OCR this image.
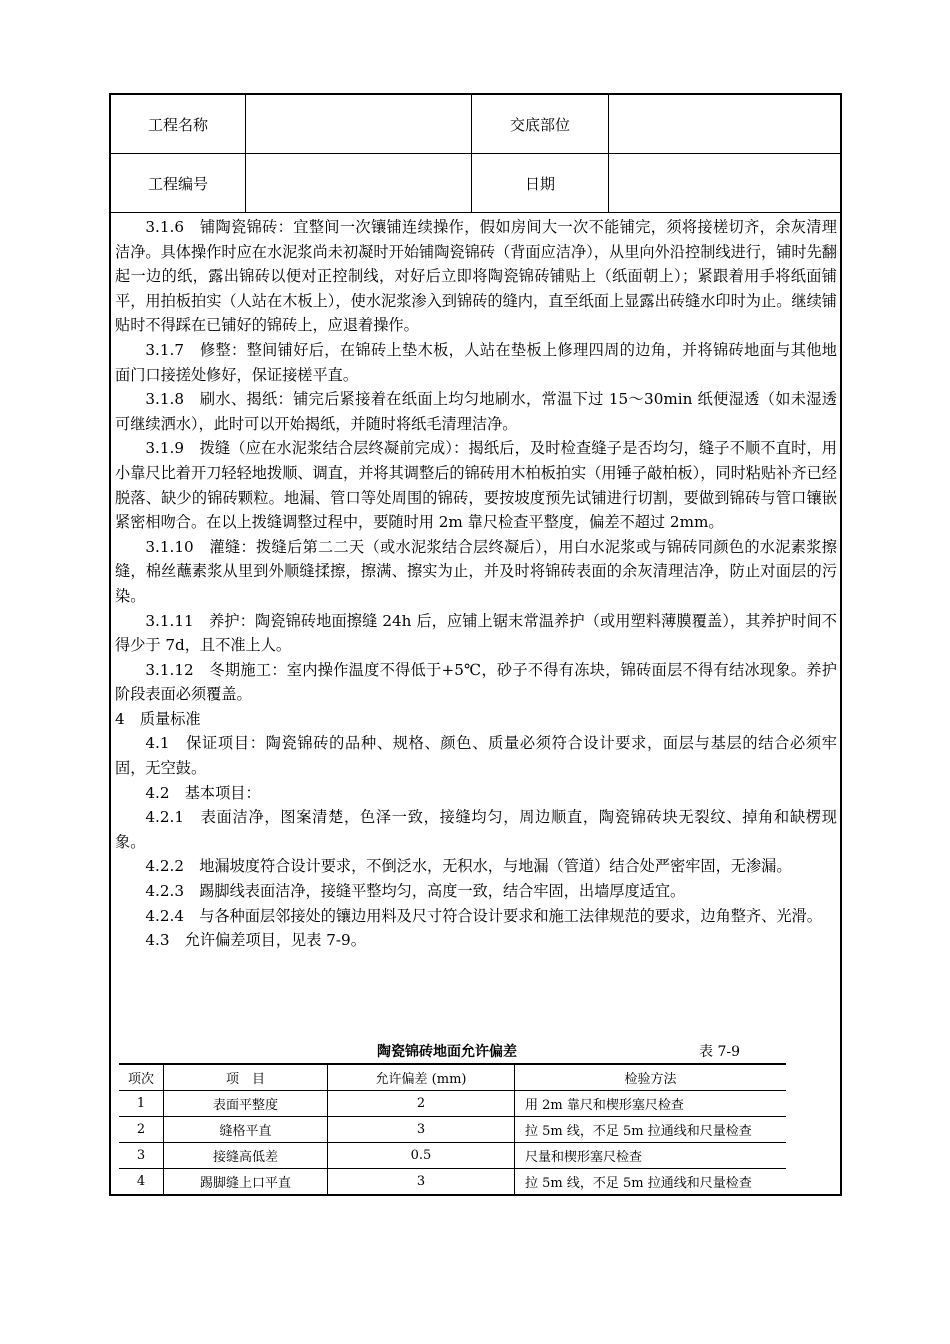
工程名称		交底部位	
工程编号		日期	

3.1.6　铺陶瓷锦砖：宜整间一次镶铺连续操作，假如房间大一次不能铺完，须将接槎切齐，余灰清理洁净。具体操作时应在水泥浆尚未初凝时开始铺陶瓷锦砖（背面应洁净），从里向外沿控制线进行，铺时先翻起一边的纸，露出锦砖以便对正控制线，对好后立即将陶瓷锦砖铺贴上（纸面朝上）；紧跟着用手将纸面铺平，用拍板拍实（人站在木板上），使水泥浆渗入到锦砖的缝内，直至纸面上显露出砖缝水印时为止。继续铺贴时不得踩在已铺好的锦砖上，应退着操作。

3.1.7　修整：整间铺好后，在锦砖上垫木板，人站在垫板上修理四周的边角，并将锦砖地面与其他地面门口接搓处修好，保证接槎平直。

3.1.8　刷水、揭纸：铺完后紧接着在纸面上均匀地刷水，常温下过 15～30min 纸便湿透（如未湿透可继续洒水），此时可以开始揭纸，并随时将纸毛清理洁净。

3.1.9　拨缝（应在水泥浆结合层终凝前完成）：揭纸后，及时检查缝子是否均匀，缝子不顺不直时，用小靠尺比着开刀轻轻地拨顺、调直，并将其调整后的锦砖用木柏板拍实（用锤子敲柏板），同时粘贴补齐已经脱落、缺少的锦砖颗粒。地漏、管口等处周围的锦砖，要按坡度预先试铺进行切割，要做到锦砖与管口镶嵌紧密相吻合。在以上拨缝调整过程中，要随时用 2m 靠尺检查平整度，偏差不超过 2mm。

3.1.10　灌缝：拨缝后第二二天（或水泥浆结合层终凝后），用白水泥浆或与锦砖同颜色的水泥素浆擦缝，棉丝蘸素浆从里到外顺缝揉擦，擦满、擦实为止，并及时将锦砖表面的余灰清理洁净，防止对面层的污染。

3.1.11　养护：陶瓷锦砖地面擦缝 24h 后，应铺上锯末常温养护（或用塑料薄膜覆盖），其养护时间不得少于 7d，且不准上人。

3.1.12　冬期施工：室内操作温度不得低于+5℃，砂子不得有冻块，锦砖面层不得有结冰现象。养护阶段表面必须覆盖。

4　质量标准

4.1　保证项目：陶瓷锦砖的品种、规格、颜色、质量必须符合设计要求，面层与基层的结合必须牢固，无空鼓。

4.2　基本项目：

4.2.1　表面洁净，图案清楚，色泽一致，接缝均匀，周边顺直，陶瓷锦砖块无裂纹、掉角和缺楞现象。

4.2.2　地漏坡度符合设计要求，不倒泛水，无积水，与地漏（管道）结合处严密牢固，无渗漏。

4.2.3　踢脚线表面洁净，接缝平整均匀，高度一致，结合牢固，出墙厚度适宜。

4.2.4　与各种面层邻接处的镶边用料及尺寸符合设计要求和施工法律规范的要求，边角整齐、光滑。

4.3　允许偏差项目，见表 7-9。

陶瓷锦砖地面允许偏差	表 7-9
项次	项　目	允许偏差 (mm)	检验方法
1	表面平整度	2	用 2m 靠尺和楔形塞尺检查
2	缝格平直	3	拉 5m 线，不足 5m 拉通线和尺量检查
3	接缝高低差	0.5	尺量和楔形塞尺检查
4	踢脚缝上口平直	3	拉 5m 线，不足 5m 拉通线和尺量检查
